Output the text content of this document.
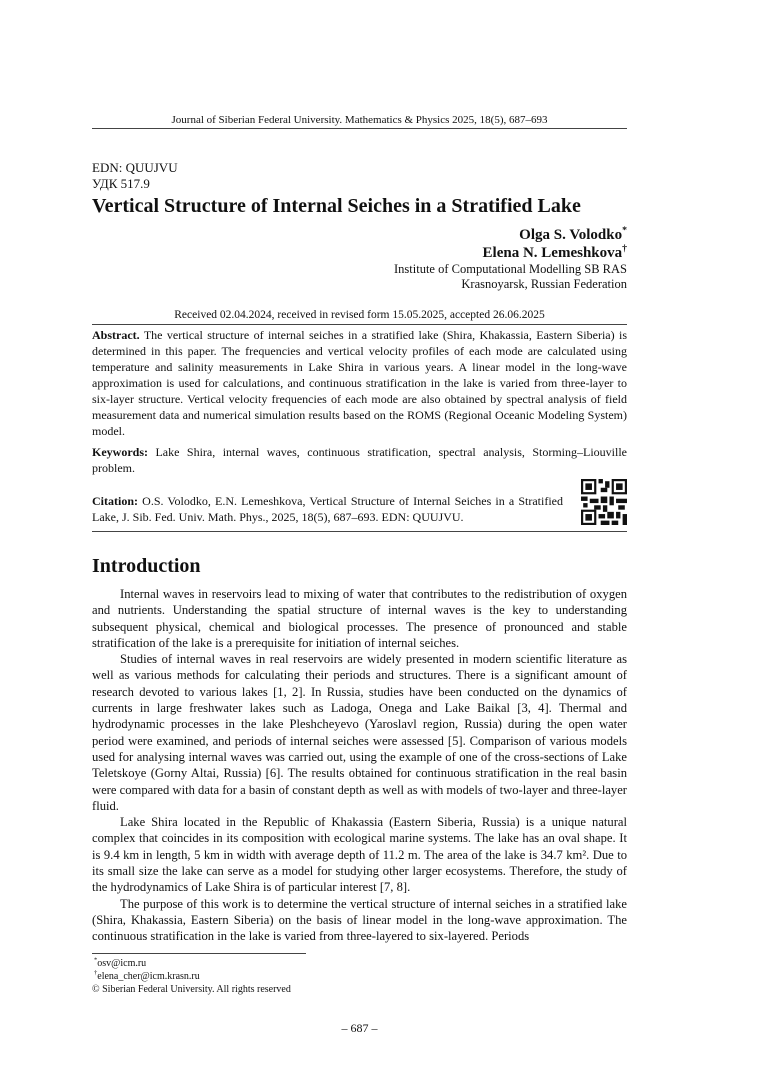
Journal of Siberian Federal University. Mathematics & Physics 2025, 18(5), 687–693
EDN: QUUJVU
УДК 517.9
Vertical Structure of Internal Seiches in a Stratified Lake
Olga S. Volodko*
Elena N. Lemeshkova†
Institute of Computational Modelling SB RAS
Krasnoyarsk, Russian Federation
Received 02.04.2024, received in revised form 15.05.2025, accepted 26.06.2025
Abstract. The vertical structure of internal seiches in a stratified lake (Shira, Khakassia, Eastern Siberia) is determined in this paper. The frequencies and vertical velocity profiles of each mode are calculated using temperature and salinity measurements in Lake Shira in various years. A linear model in the long-wave approximation is used for calculations, and continuous stratification in the lake is varied from three-layer to six-layer structure. Vertical velocity frequencies of each mode are also obtained by spectral analysis of field measurement data and numerical simulation results based on the ROMS (Regional Oceanic Modeling System) model.
Keywords: Lake Shira, internal waves, continuous stratification, spectral analysis, Storming–Liouville problem.
Citation: O.S. Volodko, E.N. Lemeshkova, Vertical Structure of Internal Seiches in a Stratified Lake, J. Sib. Fed. Univ. Math. Phys., 2025, 18(5), 687–693. EDN: QUUJVU.
Introduction

Internal waves in reservoirs lead to mixing of water that contributes to the redistribution of oxygen and nutrients. Understanding the spatial structure of internal waves is the key to understanding subsequent physical, chemical and biological processes. The presence of pronounced and stable stratification of the lake is a prerequisite for initiation of internal seiches.

Studies of internal waves in real reservoirs are widely presented in modern scientific literature as well as various methods for calculating their periods and structures. There is a significant amount of research devoted to various lakes [1, 2]. In Russia, studies have been conducted on the dynamics of currents in large freshwater lakes such as Ladoga, Onega and Lake Baikal [3, 4]. Thermal and hydrodynamic processes in the lake Pleshcheyevo (Yaroslavl region, Russia) during the open water period were examined, and periods of internal seiches were assessed [5]. Comparison of various models used for analysing internal waves was carried out, using the example of one of the cross-sections of Lake Teletskoye (Gorny Altai, Russia) [6]. The results obtained for continuous stratification in the real basin were compared with data for a basin of constant depth as well as with models of two-layer and three-layer fluid.

Lake Shira located in the Republic of Khakassia (Eastern Siberia, Russia) is a unique natural complex that coincides in its composition with ecological marine systems. The lake has an oval shape. It is 9.4 km in length, 5 km in width with average depth of 11.2 m. The area of the lake is 34.7 km². Due to its small size the lake can serve as a model for studying other larger ecosystems. Therefore, the study of the hydrodynamics of Lake Shira is of particular interest [7, 8].

The purpose of this work is to determine the vertical structure of internal seiches in a stratified lake (Shira, Khakassia, Eastern Siberia) on the basis of linear model in the long-wave approximation. The continuous stratification in the lake is varied from three-layered to six-layered. Periods

*osv@icm.ru
†elena_cher@icm.krasn.ru
© Siberian Federal University. All rights reserved
– 687 –
